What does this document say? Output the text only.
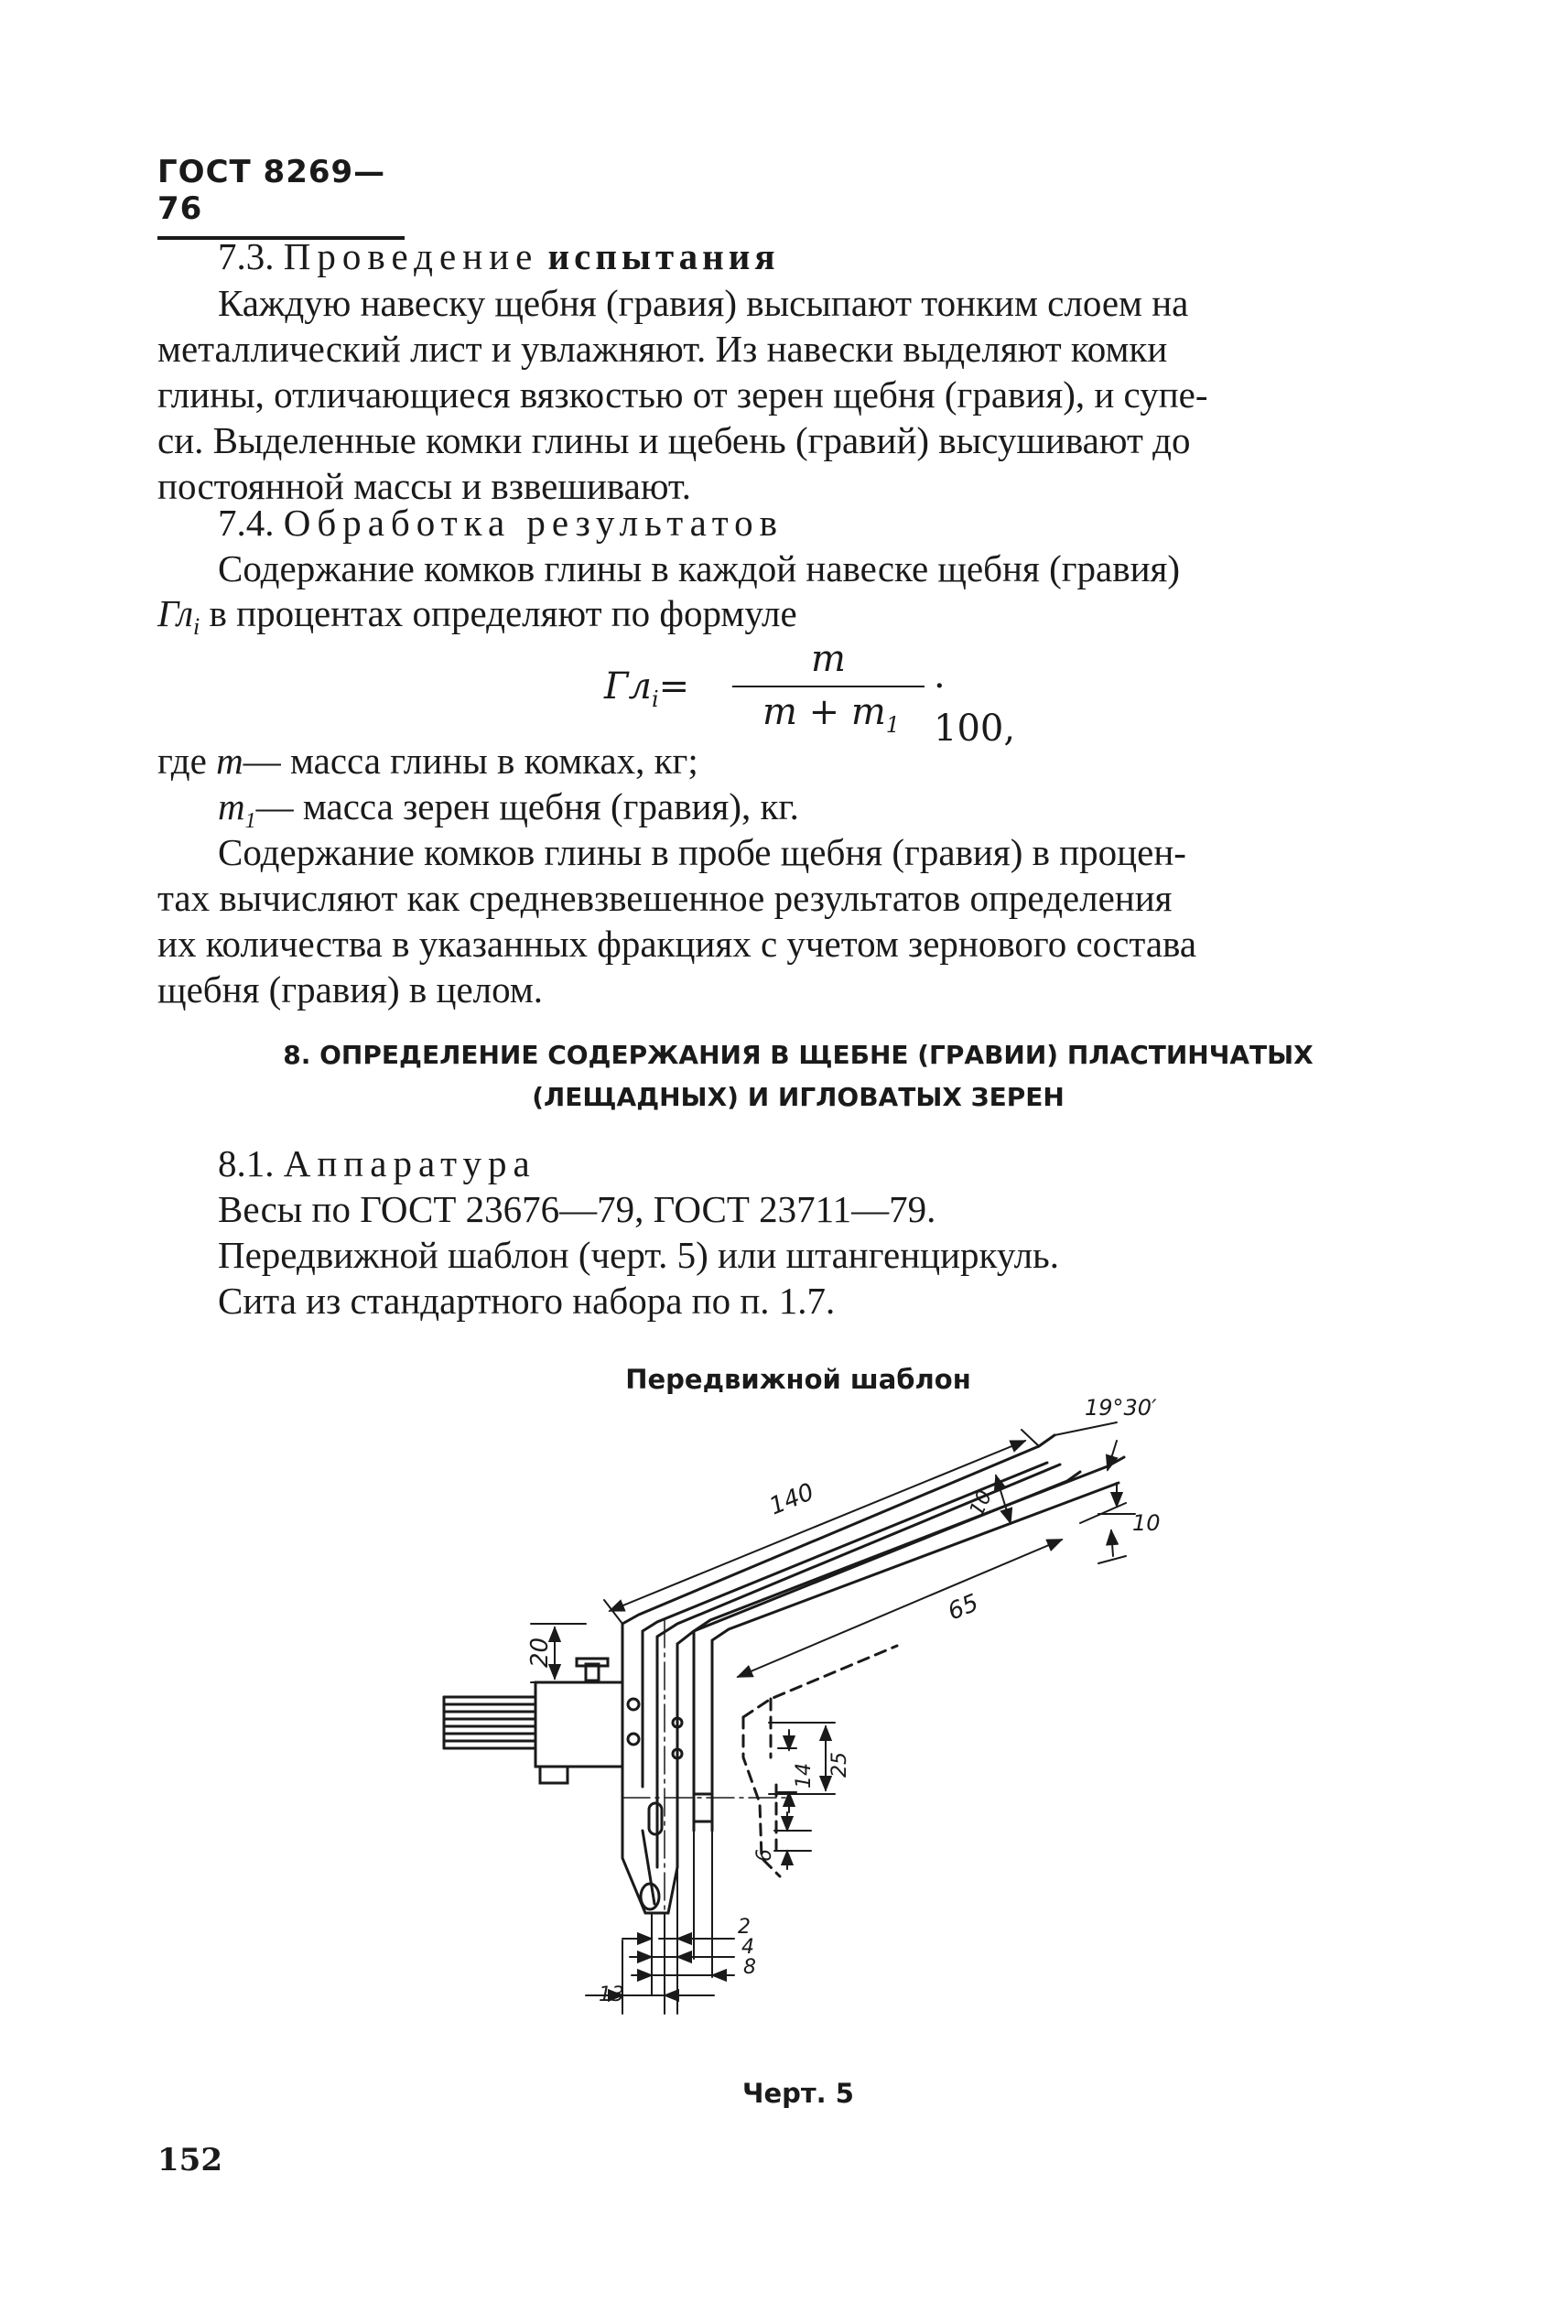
ГОСТ 8269—76
7.3. Проведение испытания
Каждую навеску щебня (гравия) высыпают тонким слоем на
металлический лист и увлажняют. Из навески выделяют комки
глины, отличающиеся вязкостью от зерен щебня (гравия), и супе-
си. Выделенные комки глины и щебень (гравий) высушивают до
постоянной массы и взвешивают.
7.4. Обработка результатов
Содержание комков глины в каждой навеске щебня (гравия)
$Гл_i$ в процентах определяют по формуле
$Гл_i=$
m
$m + m_1$
· 100,
где m— масса глины в комках, кг;
$m_1—$ масса зерен щебня (гравия), кг.
Содержание комков глины в пробе щебня (гравия) в процен-
тах вычисляют как средневзвешенное результатов определения
их количества в указанных фракциях с учетом зернового состава
щебня (гравия) в целом.
8. ОПРЕДЕЛЕНИЕ СОДЕРЖАНИЯ В ЩЕБНЕ (ГРАВИИ) ПЛАСТИНЧАТЫХ
(ЛЕЩАДНЫХ) И ИГЛОВАТЫХ ЗЕРЕН
8.1. Аппаратура
Весы по ГОСТ 23676—79, ГОСТ 23711—79.
Передвижной шаблон (черт. 5) или штангенциркуль.
Сита из стандартного набора по п. 1.7.
Передвижной шаблон
140
19°30′
10
10
65
20
14 25
6
2
4
8
13
Черт. 5
152
